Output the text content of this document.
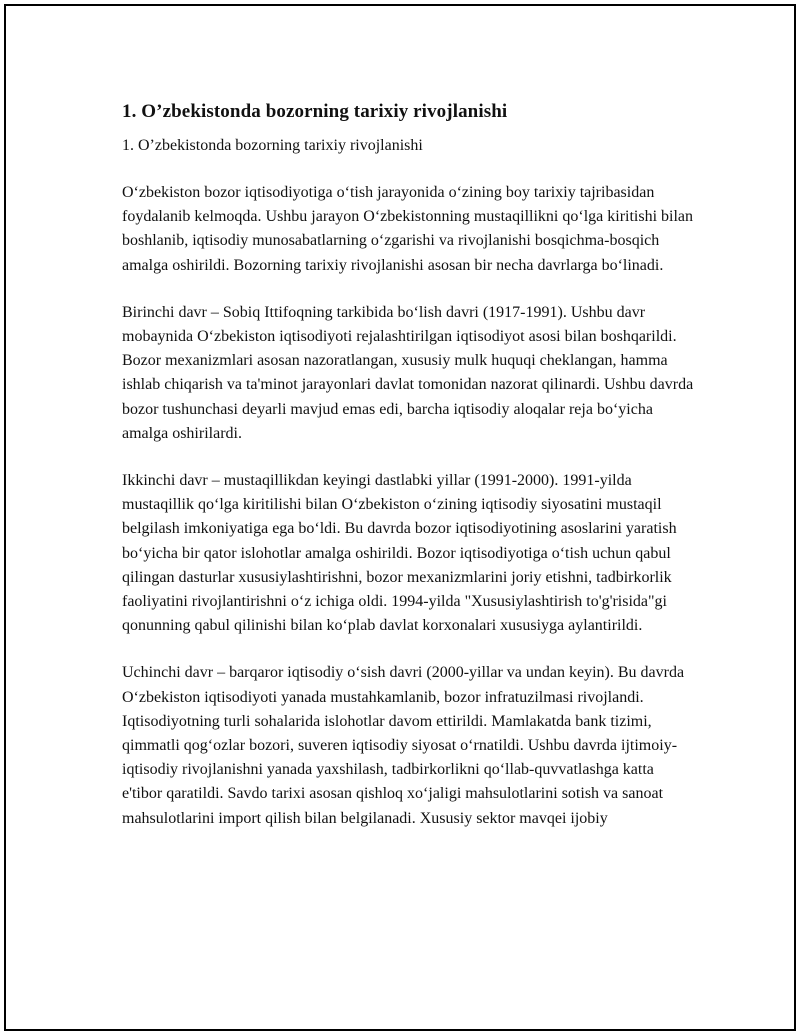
1. O’zbekistonda bozorning tarixiy rivojlanishi

1. O’zbekistonda bozorning tarixiy rivojlanishi

O‘zbekiston bozor iqtisodiyotiga o‘tish jarayonida o‘zining boy tarixiy tajribasidan foydalanib kelmoqda. Ushbu jarayon O‘zbekistonning mustaqillikni qo‘lga kiritishi bilan boshlanib, iqtisodiy munosabatlarning o‘zgarishi va rivojlanishi bosqichma-bosqich amalga oshirildi. Bozorning tarixiy rivojlanishi asosan bir necha davrlarga bo‘linadi.

Birinchi davr – Sobiq Ittifoqning tarkibida bo‘lish davri (1917-1991). Ushbu davr mobaynida O‘zbekiston iqtisodiyoti rejalashtirilgan iqtisodiyot asosi bilan boshqarildi. Bozor mexanizmlari asosan nazoratlangan, xususiy mulk huquqi cheklangan, hamma ishlab chiqarish va ta'minot jarayonlari davlat tomonidan nazorat qilinardi. Ushbu davrda bozor tushunchasi deyarli mavjud emas edi, barcha iqtisodiy aloqalar reja bo‘yicha amalga oshirilardi.

Ikkinchi davr – mustaqillikdan keyingi dastlabki yillar (1991-2000). 1991-yilda mustaqillik qo‘lga kiritilishi bilan O‘zbekiston o‘zining iqtisodiy siyosatini mustaqil belgilash imkoniyatiga ega bo‘ldi. Bu davrda bozor iqtisodiyotining asoslarini yaratish bo‘yicha bir qator islohotlar amalga oshirildi. Bozor iqtisodiyotiga o‘tish uchun qabul qilingan dasturlar xususiylashtirishni, bozor mexanizmlarini joriy etishni, tadbirkorlik faoliyatini rivojlantirishni o‘z ichiga oldi. 1994-yilda "Xususiylashtirish to'g'risida"gi qonunning qabul qilinishi bilan ko‘plab davlat korxonalari xususiyga aylantirildi.

Uchinchi davr – barqaror iqtisodiy o‘sish davri (2000-yillar va undan keyin). Bu davrda O‘zbekiston iqtisodiyoti yanada mustahkamlanib, bozor infratuzilmasi rivojlandi. Iqtisodiyotning turli sohalarida islohotlar davom ettirildi. Mamlakatda bank tizimi, qimmatli qog‘ozlar bozori, suveren iqtisodiy siyosat o‘rnatildi. Ushbu davrda ijtimoiy-iqtisodiy rivojlanishni yanada yaxshilash, tadbirkorlikni qo‘llab-quvvatlashga katta e'tibor qaratildi. Savdo tarixi asosan qishloq xo‘jaligi mahsulotlarini sotish va sanoat mahsulotlarini import qilish bilan belgilanadi. Xususiy sektor mavqei ijobiy
